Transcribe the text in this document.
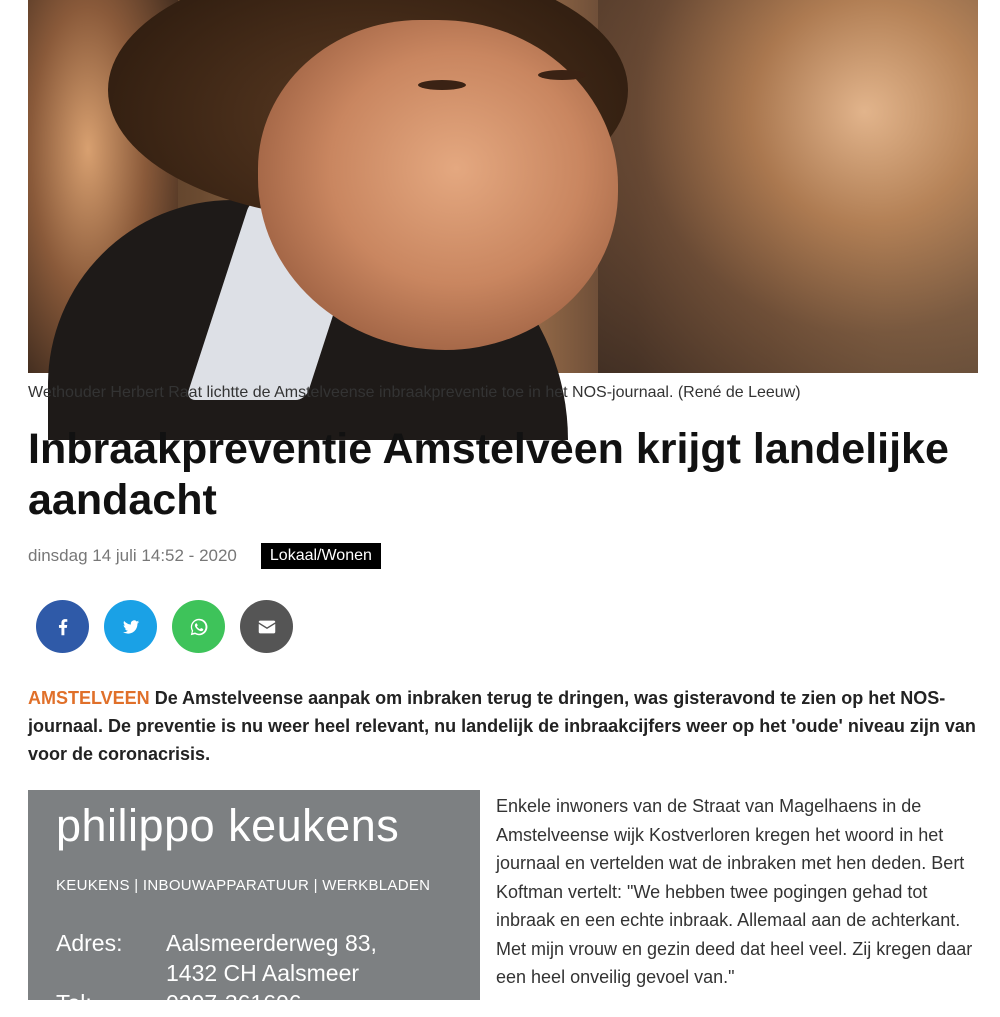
Wethouder Herbert Raat lichtte de Amstelveense inbraakpreventie toe in het NOS-journaal. (René de Leeuw)
Inbraakpreventie Amstelveen krijgt landelijke aandacht
dinsdag 14 juli 14:52 - 2020	Lokaal/Wonen

AMSTELVEEN De Amstelveense aanpak om inbraken terug te dringen, was gisteravond te zien op het NOS-journaal. De preventie is nu weer heel relevant, nu landelijk de inbraakcijfers weer op het 'oude' niveau zijn van voor de coronacrisis.

philippo keukens
KEUKENS | INBOUWAPPARATUUR | WERKBLADEN
Adres:	Aalsmeerderweg 83,
1432 CH Aalsmeer
Tel:	0297-361606

Enkele inwoners van de Straat van Magelhaens in de Amstelveense wijk Kostverloren kregen het woord in het journaal en vertelden wat de inbraken met hen deden. Bert Koftman vertelt: "We hebben twee pogingen gehad tot inbraak en een echte inbraak. Allemaal aan de achterkant. Met mijn vrouw en gezin deed dat heel veel. Zij kregen daar een heel onveilig gevoel van."
